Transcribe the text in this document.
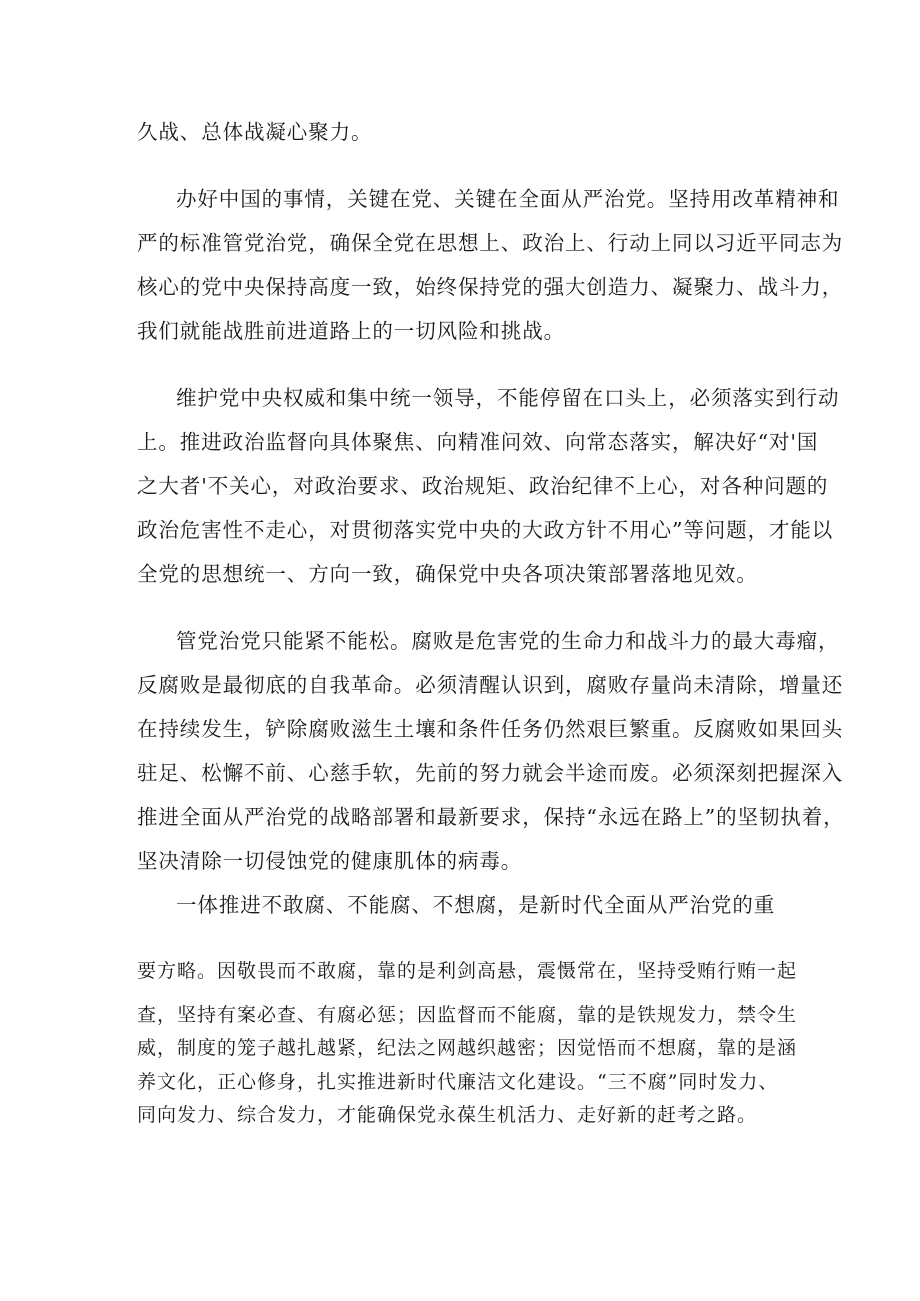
久战、总体战凝心聚力。

办好中国的事情，关键在党、关键在全面从严治党。坚持用改革精神和

严的标准管党治党，确保全党在思想上、政治上、行动上同以习近平同志为

核心的党中央保持高度一致，始终保持党的强大创造力、凝聚力、战斗力，

我们就能战胜前进道路上的一切风险和挑战。

维护党中央权威和集中统一领导，不能停留在口头上，必须落实到行动

上。推进政治监督向具体聚焦、向精准问效、向常态落实，解决好“对'国

之大者'不关心，对政治要求、政治规矩、政治纪律不上心，对各种问题的

政治危害性不走心，对贯彻落实党中央的大政方针不用心”等问题，才能以

全党的思想统一、方向一致，确保党中央各项决策部署落地见效。

管党治党只能紧不能松。腐败是危害党的生命力和战斗力的最大毒瘤，

反腐败是最彻底的自我革命。必须清醒认识到，腐败存量尚未清除，增量还

在持续发生，铲除腐败滋生土壤和条件任务仍然艰巨繁重。反腐败如果回头

驻足、松懈不前、心慈手软，先前的努力就会半途而废。必须深刻把握深入

推进全面从严治党的战略部署和最新要求，保持“永远在路上”的坚韧执着，

坚决清除一切侵蚀党的健康肌体的病毒。

一体推进不敢腐、不能腐、不想腐，是新时代全面从严治党的重

要方略。因敬畏而不敢腐，靠的是利剑高悬，震慑常在，坚持受贿行贿一起

查，坚持有案必查、有腐必惩；因监督而不能腐，靠的是铁规发力，禁令生

威，制度的笼子越扎越紧，纪法之网越织越密；因觉悟而不想腐，靠的是涵

养文化，正心修身，扎实推进新时代廉洁文化建设。“三不腐”同时发力、

同向发力、综合发力，才能确保党永葆生机活力、走好新的赶考之路。
